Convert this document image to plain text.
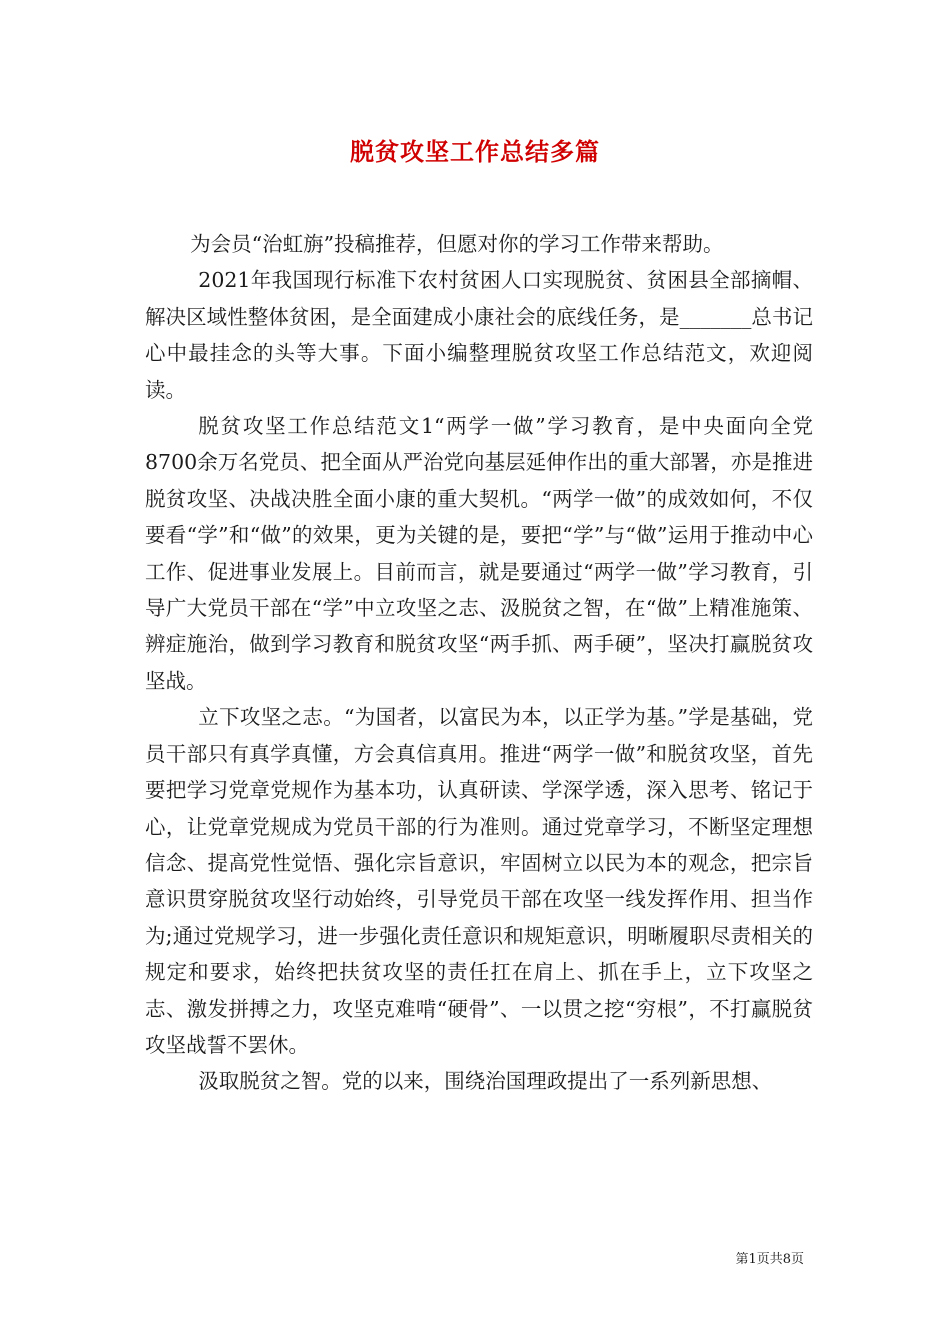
脱贫攻坚工作总结多篇

为会员“治虹旃”投稿推荐，但愿对你的学习工作带来帮助。

2021年我国现行标准下农村贫困人口实现脱贫、贫困县全部摘帽、解决区域性整体贫困，是全面建成小康社会的底线任务，是_______总书记心中最挂念的头等大事。下面小编整理脱贫攻坚工作总结范文，欢迎阅读。

脱贫攻坚工作总结范文1“两学一做”学习教育，是中央面向全党8700余万名党员、把全面从严治党向基层延伸作出的重大部署，亦是推进脱贫攻坚、决战决胜全面小康的重大契机。“两学一做”的成效如何，不仅要看“学”和“做”的效果，更为关键的是，要把“学”与“做”运用于推动中心工作、促进事业发展上。目前而言，就是要通过“两学一做”学习教育，引导广大党员干部在“学”中立攻坚之志、汲脱贫之智，在“做”上精准施策、辨症施治，做到学习教育和脱贫攻坚“两手抓、两手硬”，坚决打赢脱贫攻坚战。

立下攻坚之志。“为国者，以富民为本，以正学为基。”学是基础，党员干部只有真学真懂，方会真信真用。推进“两学一做”和脱贫攻坚，首先要把学习党章党规作为基本功，认真研读、学深学透，深入思考、铭记于心，让党章党规成为党员干部的行为准则。通过党章学习，不断坚定理想信念、提高党性觉悟、强化宗旨意识，牢固树立以民为本的观念，把宗旨意识贯穿脱贫攻坚行动始终，引导党员干部在攻坚一线发挥作用、担当作为;通过党规学习，进一步强化责任意识和规矩意识，明晰履职尽责相关的规定和要求，始终把扶贫攻坚的责任扛在肩上、抓在手上，立下攻坚之志、激发拼搏之力，攻坚克难啃“硬骨”、一以贯之挖“穷根”，不打赢脱贫攻坚战誓不罢休。

汲取脱贫之智。党的以来，围绕治国理政提出了一系列新思想、

第1页共8页
